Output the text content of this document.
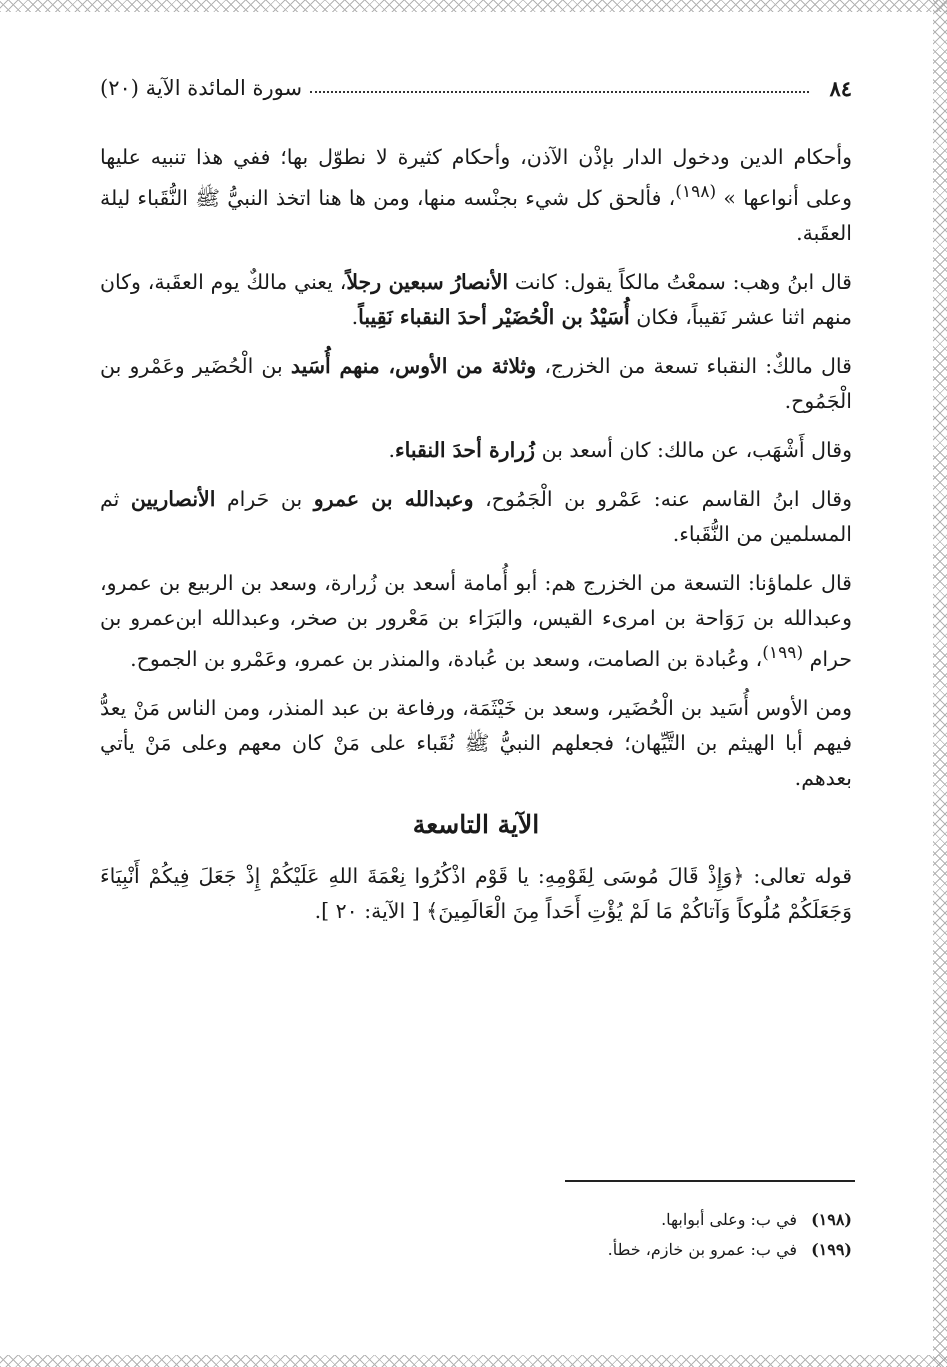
٨٤
سورة المائدة الآية (٢٠)

وأحكام الدين ودخول الدار بإذْن الآذن، وأحكام كثيرة لا نطوّل بها؛ ففي هذا تنبيه عليها وعلى أنواعها » $^{(١٩٨)}$، فألحق كل شيء بجنْسه منها، ومن ها هنا اتخذ النبيُّ ﷺ النُّقَباء ليلة العقَبة.

قال ابنُ وهب: سمعْتُ مالكاً يقول: كانت الأنصارُ سبعين رجلاً، يعني مالكٌ يوم العقَبة، وكان منهم اثنا عشر نَقيباً، فكان أُسَيْدُ بن الْحُضَيْر أحدَ النقباء نَقِيباً.

قال مالكٌ: النقباء تسعة من الخزرج، وثلاثة من الأوس، منهم أُسَيد بن الْحُضَير وعَمْرو بن الْجَمُوح.

وقال أَشْهَب، عن مالك: كان أسعد بن زُرارة أحدَ النقباء.

وقال ابنُ القاسم عنه: عَمْرو بن الْجَمُوح، وعبدالله بن عمرو بن حَرام الأنصاريين ثم المسلمين من النُّقَباء.

قال علماؤنا: التسعة من الخزرج هم: أبو أُمامة أسعد بن زُرارة، وسعد بن الربيع بن عمرو، وعبدالله بن رَوَاحة بن امرىء القيس، والبَرَاء بن مَعْرور بن صخر، وعبدالله ابن‌عمرو بن حرام $^{(١٩٩)}$، وعُبادة بن الصامت، وسعد بن عُبادة، والمنذر بن عمرو، وعَمْرو بن الجموح.

ومن الأوس أُسَيد بن الْحُضَير، وسعد بن خَيْثَمَة، ورفاعة بن عبد المنذر، ومن الناس مَنْ يعدُّ فيهم أبا الهيثم بن التَّيِّهان؛ فجعلهم النبيُّ ﷺ نُقَباء على مَنْ كان معهم وعلى مَنْ يأتي بعدهم.

الآية التاسعة

قوله تعالى: ﴿وَإِذْ قَالَ مُوسَى لِقَوْمِهِ: يا قَوْم اذْكُرُوا نِعْمَةَ اللهِ عَلَيْكُمْ إِذْ جَعَلَ فِيكُمْ أَنْبِيَاءَ وَجَعَلَكُمْ مُلُوكاً وَآتاكُمْ مَا لَمْ يُؤْتِ أَحَداً مِنَ الْعَالَمِينَ﴾ [ الآية: ٢٠ ].

(١٩٨)في ب: وعلى أبوابها.
(١٩٩)في ب: عمرو بن خازم، خطأ.
